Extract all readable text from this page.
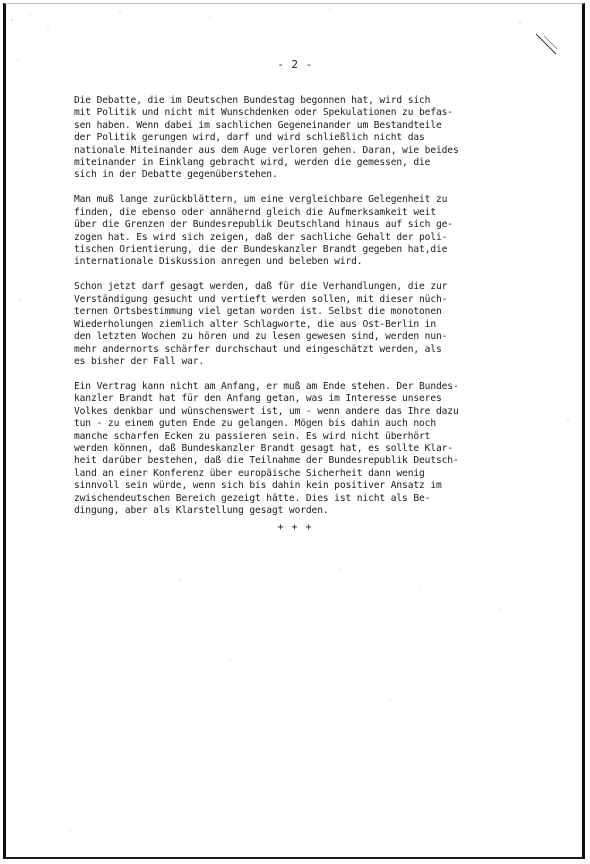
- 2 -

Die Debatte, die im Deutschen Bundestag begonnen hat, wird sich
mit Politik und nicht mit Wunschdenken oder Spekulationen zu befas-
sen haben. Wenn dabei im sachlichen Gegeneinander um Bestandteile
der Politik gerungen wird, darf und wird schließlich nicht das
nationale Miteinander aus dem Auge verloren gehen. Daran, wie beides
miteinander in Einklang gebracht wird, werden die gemessen, die
sich in der Debatte gegenüberstehen.

Man muß lange zurückblättern, um eine vergleichbare Gelegenheit zu
finden, die ebenso oder annähernd gleich die Aufmerksamkeit weit
über die Grenzen der Bundesrepublik Deutschland hinaus auf sich ge-
zogen hat. Es wird sich zeigen, daß der sachliche Gehalt der poli-
tischen Orientierung, die der Bundeskanzler Brandt gegeben hat,die
internationale Diskussion anregen und beleben wird.

Schon jetzt darf gesagt werden, daß für die Verhandlungen, die zur
Verständigung gesucht und vertieft werden sollen, mit dieser nüch-
ternen Ortsbestimmung viel getan worden ist. Selbst die monotonen
Wiederholungen ziemlich alter Schlagworte, die aus Ost-Berlin in
den letzten Wochen zu hören und zu lesen gewesen sind, werden nun-
mehr andernorts schärfer durchschaut und eingeschätzt werden, als
es bisher der Fall war.

Ein Vertrag kann nicht am Anfang, er muß am Ende stehen. Der Bundes-
kanzler Brandt hat für den Anfang getan, was im Interesse unseres
Volkes denkbar und wünschenswert ist, um - wenn andere das Ihre dazu
tun - zu einem guten Ende zu gelangen. Mögen bis dahin auch noch
manche scharfen Ecken zu passieren sein. Es wird nicht überhört
werden können, daß Bundeskanzler Brandt gesagt hat, es sollte Klar-
heit darüber bestehen, daß die Teilnahme der Bundesrepublik Deutsch-
land an einer Konferenz über europäische Sicherheit dann wenig
sinnvoll sein würde, wenn sich bis dahin kein positiver Ansatz im
zwischendeutschen Bereich gezeigt hätte. Dies ist nicht als Be-
dingung, aber als Klarstellung gesagt worden.

+ + +
